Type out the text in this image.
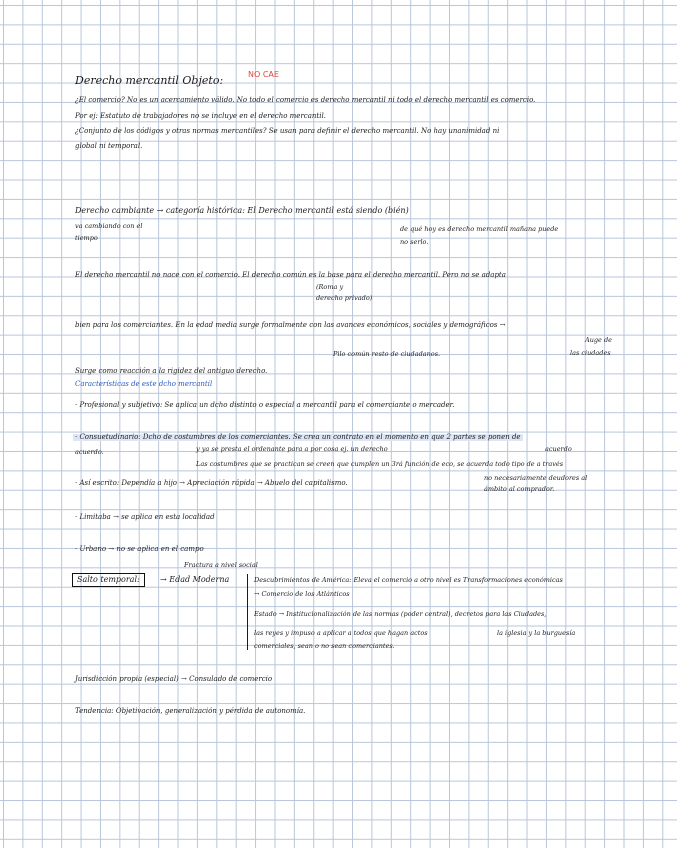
Derecho mercantil Objeto:	NO CAE
¿El comercio? No es un acercamiento válido. No todo el comercio es derecho mercantil ni todo el derecho mercantil es comercio.
Por ej: Estatuto de trabajadores no se incluye en el derecho mercantil.
¿Conjunto de los códigos y otras normas mercantiles? Se usan para definir el derecho mercantil. No hay unanimidad ni
global ni temporal.
Derecho cambiante → categoría histórica: El Derecho mercantil está siendo (bién)
va cambiando con el
tiempo
de qué hoy es derecho mercantil mañana puede
no serlo.
El derecho mercantil no nace con el comercio. El derecho común es la base para el derecho mercantil. Pero no se adapta
(Roma y
derecho privado)
bien para los comerciantes. En la edad media surge formalmente con las avances económicos, sociales y demográficos →
Auge de
Pilo común resto de ciudadanos.	las ciudades
Surge como reacción a la rigidez del antiguo derecho.
Características de este dcho mercantil
· Profesional y subjetivo: Se aplica un dcho distinto o especial a mercantil para el comerciante o mercader.
· Consuetudinario: Dcho de costumbres de los comerciantes. Se crea un contrato en el momento en que 2 partes se ponen de
acuerdo.	acuerdo
y ya se presta el ordenante para a por cosa ej. un derecho
Las costumbres que se practican se creen que cumplen un 3rá función de eco, se acuerda todo tipo de a través
· Así escrito: Dependía a hijo → Apreciación rápida → Abuelo del capitalismo.
no necesariamente deudores al
ámbito al comprador.
· Limitaba → se aplica en esta localidad
· Urbano → no se aplica en el campo
Fractura a nivel social
Salto temporal:	→ Edad Moderna	Descubrimientos de América: Eleva el comercio a otro nivel es Transformaciones económicas
→ Comercio de los Atlánticos
Estado → Institucionalización de las normas (poder central), decretos para las Ciudades,
las reyes y impuso a aplicar a todos que hagan actos	la iglesia y la burguesía
comerciales, sean o no sean comerciantes.
Jurisdicción propia (especial) → Consulado de comercio
Tendencia: Objetivación, generalización y pérdida de autonomía.
